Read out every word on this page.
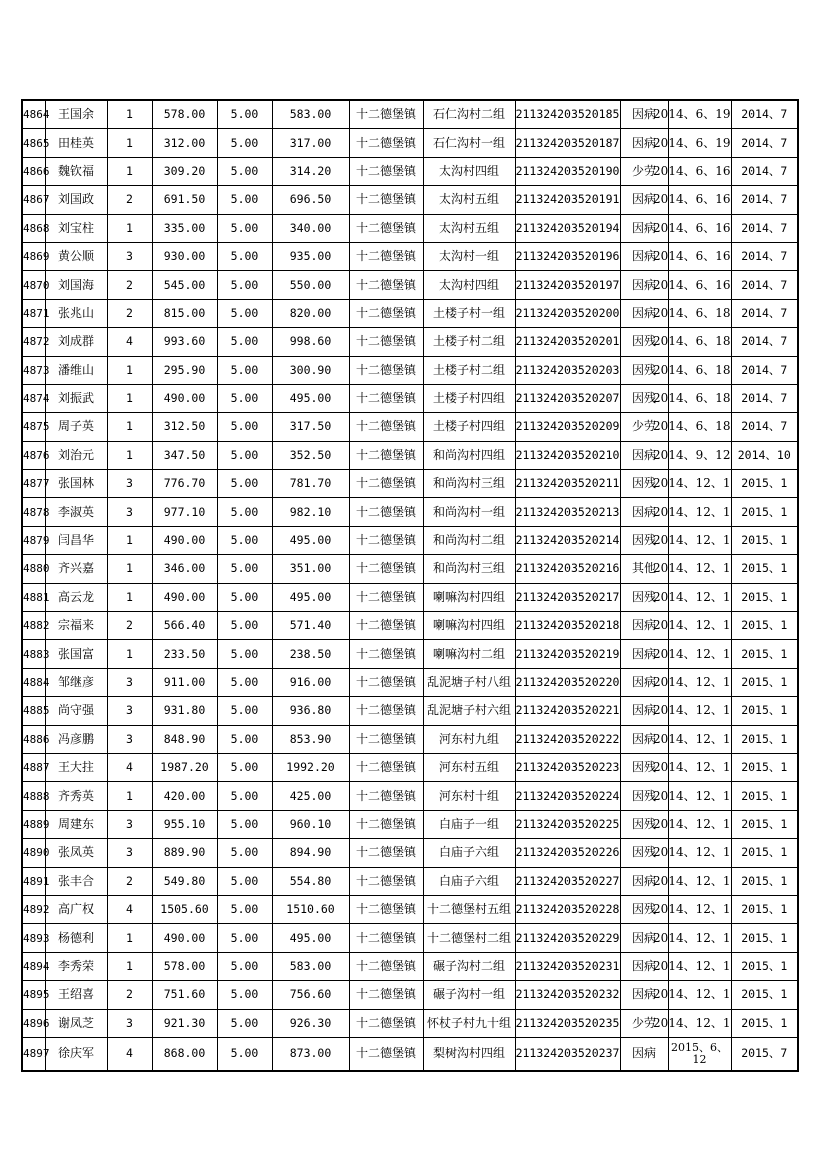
4864	王国余	1	578.00	5.00	583.00	十二德堡镇	石仁沟村二组	211324203520185	因病	2014、6、19	2014、7
4865	田桂英	1	312.00	5.00	317.00	十二德堡镇	石仁沟村一组	211324203520187	因病	2014、6、19	2014、7
4866	魏钦福	1	309.20	5.00	314.20	十二德堡镇	太沟村四组	211324203520190	少劳	2014、6、16	2014、7
4867	刘国政	2	691.50	5.00	696.50	十二德堡镇	太沟村五组	211324203520191	因病	2014、6、16	2014、7
4868	刘宝柱	1	335.00	5.00	340.00	十二德堡镇	太沟村五组	211324203520194	因病	2014、6、16	2014、7
4869	黄公顺	3	930.00	5.00	935.00	十二德堡镇	太沟村一组	211324203520196	因病	2014、6、16	2014、7
4870	刘国海	2	545.00	5.00	550.00	十二德堡镇	太沟村四组	211324203520197	因病	2014、6、16	2014、7
4871	张兆山	2	815.00	5.00	820.00	十二德堡镇	土楼子村一组	211324203520200	因病	2014、6、18	2014、7
4872	刘成群	4	993.60	5.00	998.60	十二德堡镇	土楼子村二组	211324203520201	因残	2014、6、18	2014、7
4873	潘维山	1	295.90	5.00	300.90	十二德堡镇	土楼子村二组	211324203520203	因残	2014、6、18	2014、7
4874	刘振武	1	490.00	5.00	495.00	十二德堡镇	土楼子村四组	211324203520207	因残	2014、6、18	2014、7
4875	周子英	1	312.50	5.00	317.50	十二德堡镇	土楼子村四组	211324203520209	少劳	2014、6、18	2014、7
4876	刘治元	1	347.50	5.00	352.50	十二德堡镇	和尚沟村四组	211324203520210	因病	2014、9、12	2014、10
4877	张国林	3	776.70	5.00	781.70	十二德堡镇	和尚沟村三组	211324203520211	因残	2014、12、1	2015、1
4878	李淑英	3	977.10	5.00	982.10	十二德堡镇	和尚沟村一组	211324203520213	因病	2014、12、1	2015、1
4879	闫昌华	1	490.00	5.00	495.00	十二德堡镇	和尚沟村二组	211324203520214	因残	2014、12、1	2015、1
4880	齐兴嘉	1	346.00	5.00	351.00	十二德堡镇	和尚沟村三组	211324203520216	其他	2014、12、1	2015、1
4881	高云龙	1	490.00	5.00	495.00	十二德堡镇	喇嘛沟村四组	211324203520217	因残	2014、12、1	2015、1
4882	宗福来	2	566.40	5.00	571.40	十二德堡镇	喇嘛沟村四组	211324203520218	因病	2014、12、1	2015、1
4883	张国富	1	233.50	5.00	238.50	十二德堡镇	喇嘛沟村二组	211324203520219	因病	2014、12、1	2015、1
4884	邹继彦	3	911.00	5.00	916.00	十二德堡镇	乱泥塘子村八组	211324203520220	因病	2014、12、1	2015、1
4885	尚守强	3	931.80	5.00	936.80	十二德堡镇	乱泥塘子村六组	211324203520221	因病	2014、12、1	2015、1
4886	冯彦鹏	3	848.90	5.00	853.90	十二德堡镇	河东村九组	211324203520222	因病	2014、12、1	2015、1
4887	王大拄	4	1987.20	5.00	1992.20	十二德堡镇	河东村五组	211324203520223	因残	2014、12、1	2015、1
4888	齐秀英	1	420.00	5.00	425.00	十二德堡镇	河东村十组	211324203520224	因残	2014、12、1	2015、1
4889	周建东	3	955.10	5.00	960.10	十二德堡镇	白庙子一组	211324203520225	因残	2014、12、1	2015、1
4890	张凤英	3	889.90	5.00	894.90	十二德堡镇	白庙子六组	211324203520226	因残	2014、12、1	2015、1
4891	张丰合	2	549.80	5.00	554.80	十二德堡镇	白庙子六组	211324203520227	因病	2014、12、1	2015、1
4892	高广权	4	1505.60	5.00	1510.60	十二德堡镇	十二德堡村五组	211324203520228	因残	2014、12、1	2015、1
4893	杨德利	1	490.00	5.00	495.00	十二德堡镇	十二德堡村二组	211324203520229	因病	2014、12、1	2015、1
4894	李秀荣	1	578.00	5.00	583.00	十二德堡镇	碾子沟村二组	211324203520231	因病	2014、12、1	2015、1
4895	王绍喜	2	751.60	5.00	756.60	十二德堡镇	碾子沟村一组	211324203520232	因病	2014、12、1	2015、1
4896	谢凤芝	3	921.30	5.00	926.30	十二德堡镇	怀杖子村九十组	211324203520235	少劳	2014、12、1	2015、1
4897	徐庆军	4	868.00	5.00	873.00	十二德堡镇	梨树沟村四组	211324203520237	因病	2015、6、12	2015、7
